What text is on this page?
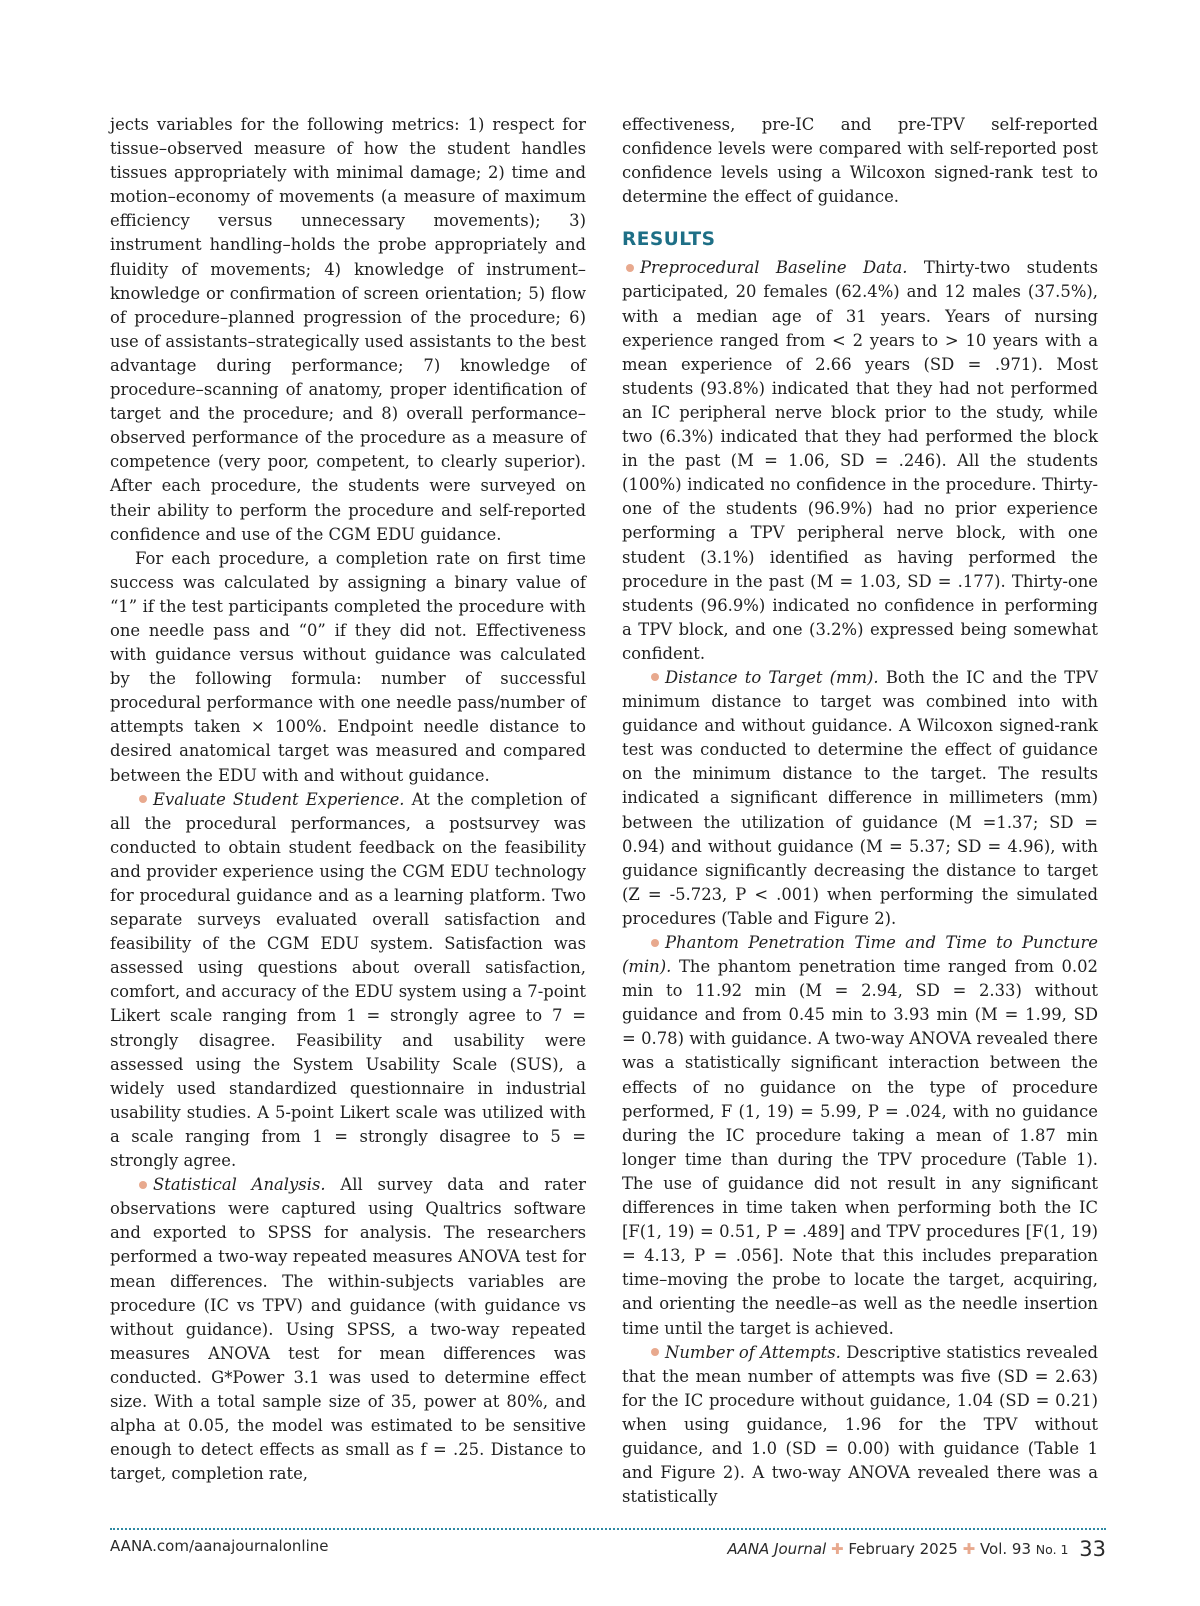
jects variables for the following metrics: 1) respect for tissue–observed measure of how the student handles tissues appropriately with minimal damage; 2) time and motion–economy of movements (a measure of maximum efficiency versus unnecessary movements); 3) instrument handling–holds the probe appropriately and fluidity of movements; 4) knowledge of instrument–knowledge or confirmation of screen orientation; 5) flow of procedure–planned progression of the procedure; 6) use of assistants–strategically used assistants to the best advantage during performance; 7) knowledge of procedure–scanning of anatomy, proper identification of target and the procedure; and 8) overall performance–observed performance of the procedure as a measure of competence (very poor, competent, to clearly superior). After each procedure, the students were surveyed on their ability to perform the procedure and self-reported confidence and use of the CGM EDU guidance.

For each procedure, a completion rate on first time success was calculated by assigning a binary value of “1” if the test participants completed the procedure with one needle pass and “0” if they did not. Effectiveness with guidance versus without guidance was calculated by the following formula: number of successful procedural performance with one needle pass/number of attempts taken × 100%. Endpoint needle distance to desired anatomical target was measured and compared between the EDU with and without guidance.

Evaluate Student Experience. At the completion of all the procedural performances, a postsurvey was conducted to obtain student feedback on the feasibility and provider experience using the CGM EDU technology for procedural guidance and as a learning platform. Two separate surveys evaluated overall satisfaction and feasibility of the CGM EDU system. Satisfaction was assessed using questions about overall satisfaction, comfort, and accuracy of the EDU system using a 7-point Likert scale ranging from 1 = strongly agree to 7 = strongly disagree. Feasibility and usability were assessed using the System Usability Scale (SUS), a widely used standardized questionnaire in industrial usability studies. A 5-point Likert scale was utilized with a scale ranging from 1 = strongly disagree to 5 = strongly agree.

Statistical Analysis. All survey data and rater observations were captured using Qualtrics software and exported to SPSS for analysis. The researchers performed a two-way repeated measures ANOVA test for mean differences. The within-subjects variables are procedure (IC vs TPV) and guidance (with guidance vs without guidance). Using SPSS, a two-way repeated measures ANOVA test for mean differences was conducted. G*Power 3.1 was used to determine effect size. With a total sample size of 35, power at 80%, and alpha at 0.05, the model was estimated to be sensitive enough to detect effects as small as f = .25. Distance to target, completion rate,

effectiveness, pre-IC and pre-TPV self-reported confidence levels were compared with self-reported post confidence levels using a Wilcoxon signed-rank test to determine the effect of guidance.

RESULTS

Preprocedural Baseline Data. Thirty-two students participated, 20 females (62.4%) and 12 males (37.5%), with a median age of 31 years. Years of nursing experience ranged from < 2 years to > 10 years with a mean experience of 2.66 years (SD = .971). Most students (93.8%) indicated that they had not performed an IC peripheral nerve block prior to the study, while two (6.3%) indicated that they had performed the block in the past (M = 1.06, SD = .246). All the students (100%) indicated no confidence in the procedure. Thirty-one of the students (96.9%) had no prior experience performing a TPV peripheral nerve block, with one student (3.1%) identified as having performed the procedure in the past (M = 1.03, SD = .177). Thirty-one students (96.9%) indicated no confidence in performing a TPV block, and one (3.2%) expressed being somewhat confident.

Distance to Target (mm). Both the IC and the TPV minimum distance to target was combined into with guidance and without guidance. A Wilcoxon signed-rank test was conducted to determine the effect of guidance on the minimum distance to the target. The results indicated a significant difference in millimeters (mm) between the utilization of guidance (M =1.37; SD = 0.94) and without guidance (M = 5.37; SD = 4.96), with guidance significantly decreasing the distance to target (Z = -5.723, P < .001) when performing the simulated procedures (Table and Figure 2).

Phantom Penetration Time and Time to Puncture (min). The phantom penetration time ranged from 0.02 min to 11.92 min (M = 2.94, SD = 2.33) without guidance and from 0.45 min to 3.93 min (M = 1.99, SD = 0.78) with guidance. A two-way ANOVA revealed there was a statistically significant interaction between the effects of no guidance on the type of procedure performed, F (1, 19) = 5.99, P = .024, with no guidance during the IC procedure taking a mean of 1.87 min longer time than during the TPV procedure (Table 1). The use of guidance did not result in any significant differences in time taken when performing both the IC [F(1, 19) = 0.51, P = .489] and TPV procedures [F(1, 19) = 4.13, P = .056]. Note that this includes preparation time–moving the probe to locate the target, acquiring, and orienting the needle–as well as the needle insertion time until the target is achieved.

Number of Attempts. Descriptive statistics revealed that the mean number of attempts was five (SD = 2.63) for the IC procedure without guidance, 1.04 (SD = 0.21) when using guidance, 1.96 for the TPV without guidance, and 1.0 (SD = 0.00) with guidance (Table 1 and Figure 2). A two-way ANOVA revealed there was a statistically

AANA.com/aanajournalonline	AANA Journal ✚ February 2025 ✚ Vol. 93 No. 1 33
